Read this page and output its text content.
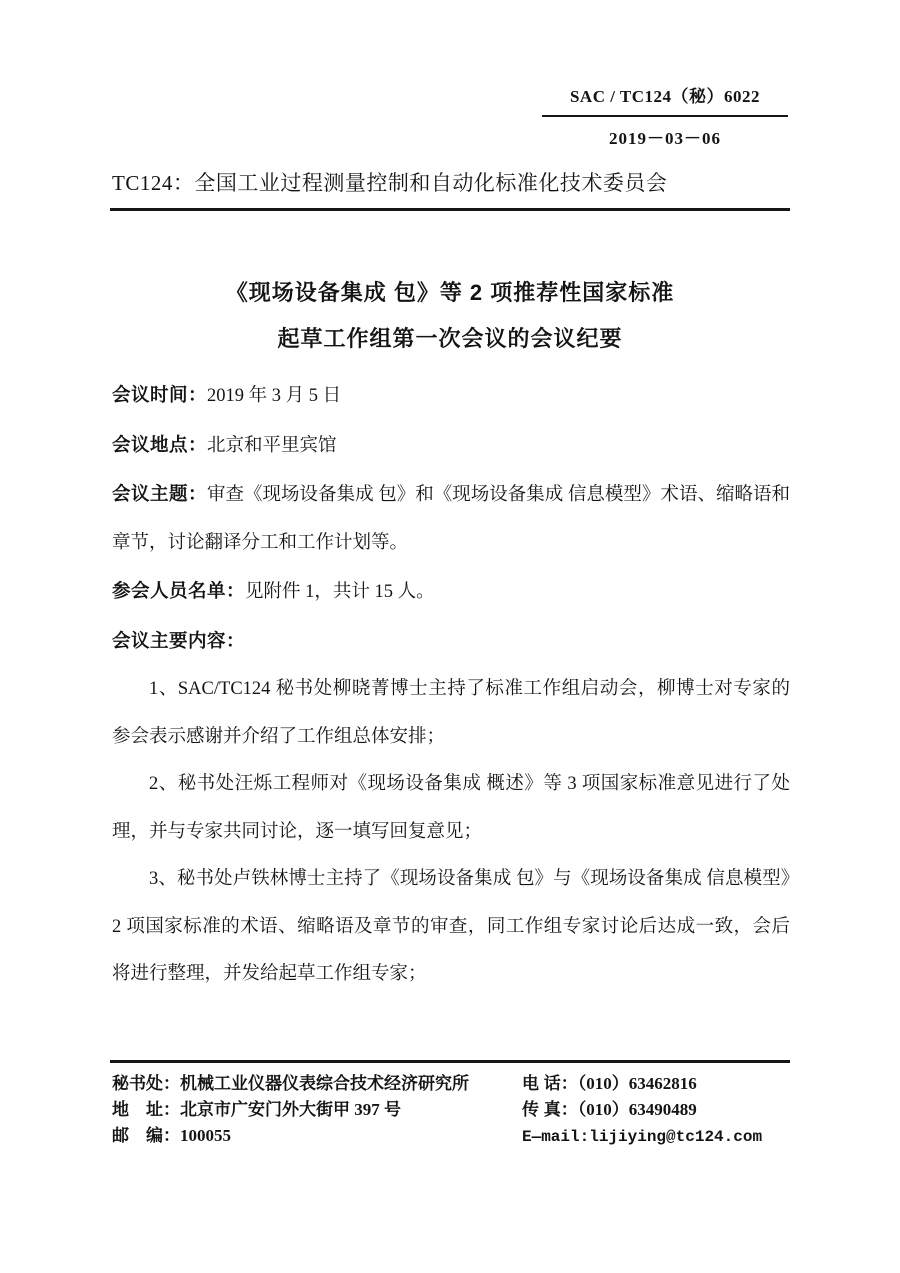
SAC / TC124（秘）6022
2019－03－06
TC124：全国工业过程测量控制和自动化标准化技术委员会
《现场设备集成 包》等 2 项推荐性国家标准
起草工作组第一次会议的会议纪要

会议时间：2019 年 3 月 5 日

会议地点：北京和平里宾馆

会议主题：审查《现场设备集成 包》和《现场设备集成 信息模型》术语、缩略语和章节，讨论翻译分工和工作计划等。

参会人员名单：见附件 1，共计 15 人。

会议主要内容：

1、SAC/TC124 秘书处柳晓菁博士主持了标准工作组启动会，柳博士对专家的参会表示感谢并介绍了工作组总体安排；

2、秘书处汪烁工程师对《现场设备集成 概述》等 3 项国家标准意见进行了处理，并与专家共同讨论，逐一填写回复意见；

3、秘书处卢铁林博士主持了《现场设备集成 包》与《现场设备集成 信息模型》2 项国家标准的术语、缩略语及章节的审查，同工作组专家讨论后达成一致，会后将进行整理，并发给起草工作组专家；

秘书处：机械工业仪器仪表综合技术经济研究所
地　址：北京市广安门外大街甲 397 号
邮　编：100055
电 话：（010）63462816
传 真：（010）63490489
E—mail:lijiying@tc124.com
